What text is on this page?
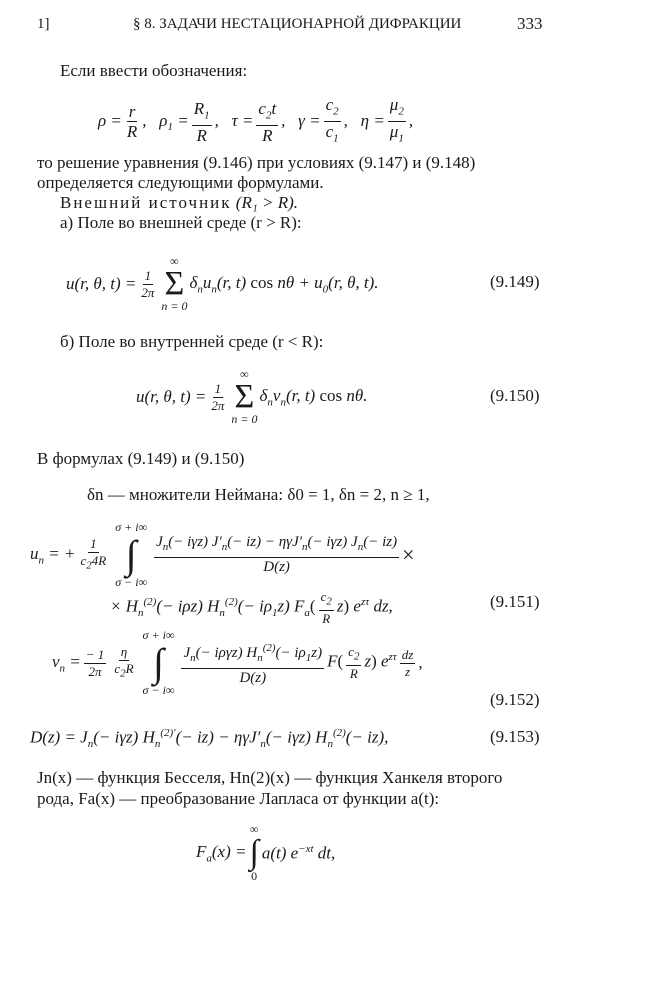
1]	§ 8. ЗАДАЧИ НЕСТАЦИОНАРНОЙ ДИФРАКЦИИ	333
Если ввести обозначения:
$\rho = \frac{r}{R}$ ,   $\rho_1 = \frac{R_1}{R}$ ,   $\tau = \frac{c_2t}{R}$ ,   $\gamma = \frac{c_2}{c_1}$ ,   $\eta = \frac{\mu_2}{\mu_1}$ ,
то решение уравнения (9.146) при условиях (9.147) и (9.148)
определяется следующими формулами.
Внешний источник (R₁ > R).
а) Поле во внешней среде (r > R):
u(r, θ, $t) = \frac{1}{2\pi}$
∞
Σ
n = 0
$\delta_nu_n(r$, t) $\cos n\theta + u_0(r$, θ, t).	(9.149)
б) Поле во внутренней среде (r < R):
u(r, θ, $t) = \frac{1}{2\pi}$
∞
Σ
n = 0
$\delta_nv_n(r$, t) cos nθ.	(9.150)
В формулах (9.149) и (9.150)
δn — множители Неймана: δ0 = 1, δn = 2, n ≥ 1,
$u_n$ = + $\frac{1}{c_24R}$
σ + i∞
∫
σ − i∞
$\frac{J_n(- i\gamma z) J'_n(- iz) - \eta\gamma J'_n(- i\gamma z) J_n(- iz)}{D(z)}$ ×
× $H_n^{(2)}(- i\rho z)$ $H_n^{(2)}(- i\rho_1z)$ $F_a( \frac{c_2}{R} z)$ $e^{z\tau}$ dz,	(9.151)
$v_n = \frac{- 1}{2\pi} \frac{\eta}{c_2R}$
σ + i∞
∫
σ − i∞
$\frac{J_n(- i\rho\gamma z) H_n^{(2)}(- i\rho_1z)}{D(z)} F( \frac{c_2}{R} z)$ $e^{z\tau} \frac{dz}{z}$ ,
(9.152)
$D(z) = J_n(- i\gamma z)$ $H_n^{(2)'}(- iz) - \eta\gamma J'_n(- i\gamma z)$ $H_n^{(2)}(- iz)$,	(9.153)
Jn(x) — функция Бесселя, Hn(2)(x) — функция Ханкеля второго
рода, Fa(x) — преобразование Лапласа от функции a(t):
$F_a(x)$ =
∞
∫
0
a(t) $e^{-xt}$ dt,
